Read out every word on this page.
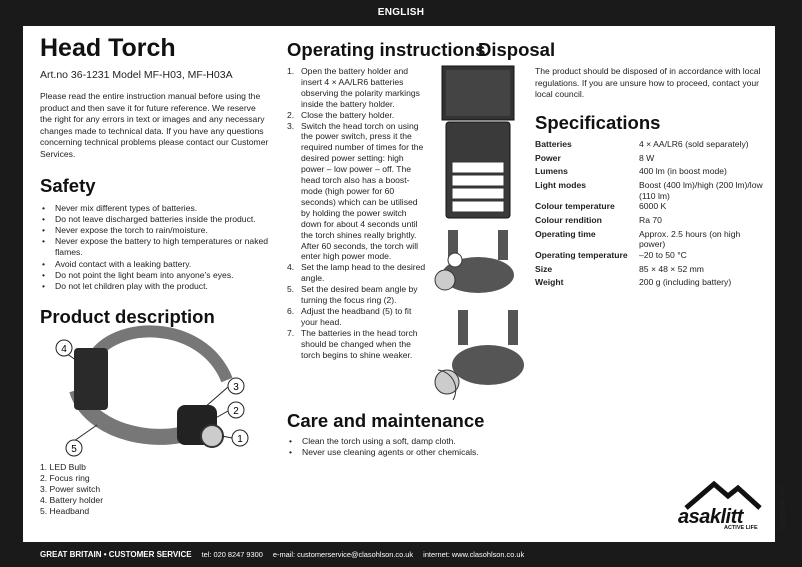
ENGLISH
Head Torch
Art.no 36-1231 Model MF-H03, MF-H03A

Please read the entire instruction manual before using the product and then save it for future reference. We reserve the right for any errors in text or images and any necessary changes made to technical data. If you have any questions concerning technical problems please contact our Customer Services.

Safety
• Never mix different types of batteries.
• Do not leave discharged batteries inside the product.
• Never expose the torch to rain/moisture.
• Never expose the battery to high temperatures or naked flames.
• Avoid contact with a leaking battery.
• Do not point the light beam into anyone’s eyes.
• Do not let children play with the product.
Product description
4
3
2
1
5
1. LED Bulb
2. Focus ring
3. Power switch
4. Battery holder
5. Headband
Operating instructions
1. Open the battery holder and insert 4 × AA/LR6 batteries observing the polarity markings inside the battery holder.
2. Close the battery holder.
3. Switch the head torch on using the power switch, press it the required number of times for the desired power setting: high power – low power – off. The head torch also has a boost-mode (high power for 60 seconds) which can be utilised by holding the power switch down for about 4 seconds until the torch shines really brightly. After 60 seconds, the torch will enter high power mode.
4. Set the lamp head to the desired angle.
5. Set the desired beam angle by turning the focus ring (2).
6. Adjust the headband (5) to fit your head.
7. The batteries in the head torch should be changed when the torch begins to shine weaker.
Care and maintenance
• Clean the torch using a soft, damp cloth.
• Never use cleaning agents or other chemicals.
Disposal

The product should be disposed of in accordance with local regulations. If you are unsure how to proceed, contact your local council.

Specifications
Batteries	4 × AA/LR6 (sold separately)
Power	8 W
Lumens	400 lm (in boost mode)
Light modes	Boost (400 lm)/high (200 lm)/low (110 lm)
Colour temperature	6000 K
Colour rendition	Ra 70
Operating time	Approx. 2.5 hours (on high power)
Operating temperature	–20 to 50 °C
Size	85 × 48 × 52 mm
Weight	200 g (including battery)
asaklitt
ACTIVE LIFE	Ver. 20160418
GREAT BRITAIN • CUSTOMER SERVICE tel: 020 8247 9300 e-mail: customerservice@clasohlson.co.uk internet: www.clasohlson.co.uk
